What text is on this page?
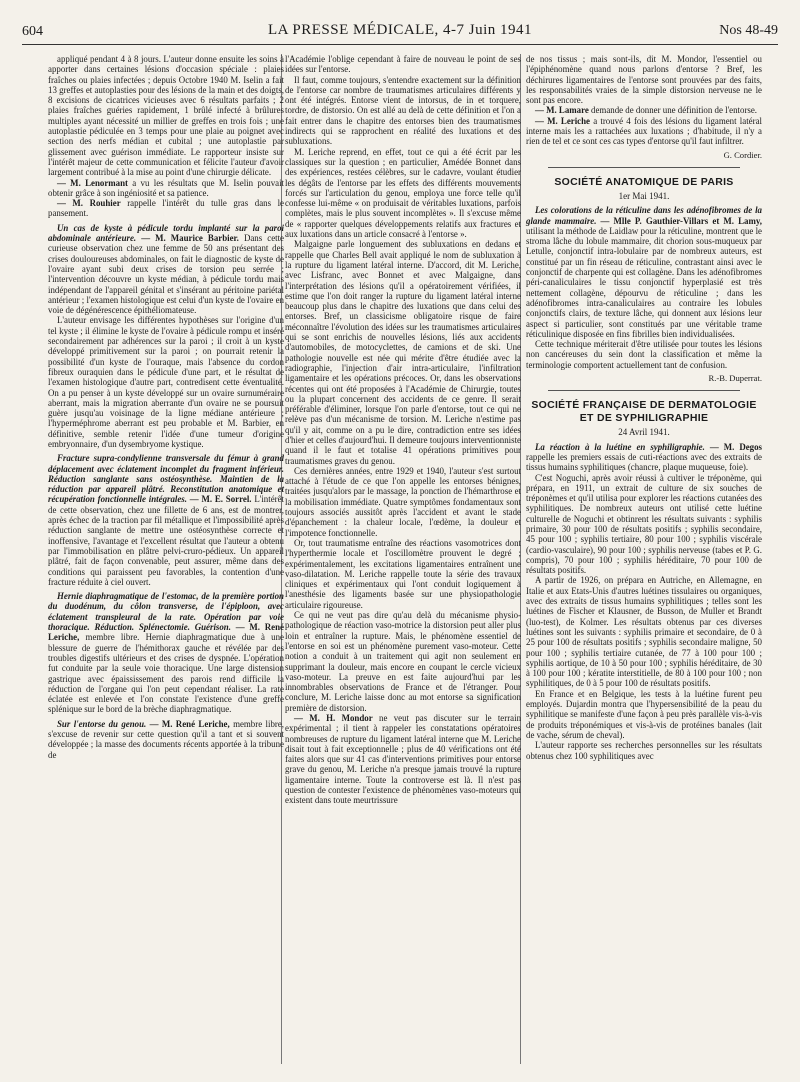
604	LA PRESSE MÉDICALE, 4-7 Juin 1941	Nos 48-49

appliqué pendant 4 à 8 jours. L'auteur donne ensuite les soins à apporter dans certaines lésions d'occasion spéciale : plaies fraîches ou plaies infectées ; depuis Octobre 1940 M. Iselin a fait 13 greffes et autoplasties pour des lésions de la main et des doigts, 8 excisions de cicatrices vicieuses avec 6 résultats parfaits ; 2 plaies fraîches guéries rapidement, 1 brûlé infecté à brûlures multiples ayant nécessité un millier de greffes en trois fois ; une autoplastie pédiculée en 3 temps pour une plaie au poignet avec section des nerfs médian et cubital ; une autoplastie par glissement avec guérison immédiate. Le rapporteur insiste sur l'intérêt majeur de cette communication et félicite l'auteur d'avoir largement contribué à la mise au point d'une chirurgie délicate.

— M. Lenormant a vu les résultats que M. Iselin pouvait obtenir grâce à son ingéniosité et sa patience.

— M. Rouhier rappelle l'intérêt du tulle gras dans le pansement.

Un cas de kyste à pédicule tordu implanté sur la paroi abdominale antérieure. — M. Maurice Barbier. Dans cette curieuse observation chez une femme de 50 ans présentant des crises douloureuses abdominales, on fait le diagnostic de kyste de l'ovaire ayant subi deux crises de torsion peu serrée ; l'intervention découvre un kyste médian, à pédicule tordu mais indépendant de l'appareil génital et s'insérant au péritoine pariétal antérieur ; l'examen histologique est celui d'un kyste de l'ovaire en voie de dégénérescence épithéliomateuse.

L'auteur envisage les différentes hypothèses sur l'origine d'un tel kyste ; il élimine le kyste de l'ovaire à pédicule rompu et inséré secondairement par adhérences sur la paroi ; il croit à un kyste développé primitivement sur la paroi ; on pourrait retenir la possibilité d'un kyste de l'ouraque, mais l'absence du cordon fibreux ouraquien dans le pédicule d'une part, et le résultat de l'examen histologique d'autre part, contredisent cette éventualité. On a pu penser à un kyste développé sur un ovaire surnuméraire aberrant, mais la migration aberrante d'un ovaire ne se poursuit guère jusqu'au voisinage de la ligne médiane antérieure ; l'hyperméphrome aberrant est peu probable et M. Barbier, en définitive, semble retenir l'idée d'une tumeur d'origine embryonnaire, d'un dysembryome kystique.

Fracture supra-condylienne transversale du fémur à grand déplacement avec éclatement incomplet du fragment inférieur. Réduction sanglante sans ostéosynthèse. Maintien de la réduction par appareil plâtré. Reconstitution anatomique et récupération fonctionnelle intégrales. — M. E. Sorrel. L'intérêt de cette observation, chez une fillette de 6 ans, est de montrer, après échec de la traction par fil métallique et l'impossibilité après réduction sanglante de mettre une ostéosynthèse correcte et inoffensive, l'avantage et l'excellent résultat que l'auteur a obtenu par l'immobilisation en plâtre pelvi-cruro-pédieux. Un appareil plâtré, fait de façon convenable, peut assurer, même dans des conditions qui paraissent peu favorables, la contention d'une fracture réduite à ciel ouvert.

Hernie diaphragmatique de l'estomac, de la première portion du duodénum, du côlon transverse, de l'épiploon, avec éclatement transpleural de la rate. Opération par voie thoracique. Réduction. Splénectomie. Guérison. — M. René Leriche, membre libre. Hernie diaphragmatique due à une blessure de guerre de l'hémithorax gauche et révélée par des troubles digestifs ultérieurs et des crises de dyspnée. L'opération fut conduite par la seule voie thoracique. Une large distension gastrique avec épaississement des parois rend difficile la réduction de l'organe qui l'on peut cependant réaliser. La rate éclatée est enlevée et l'on constate l'existence d'une greffe splénique sur le bord de la brèche diaphragmatique.

Sur l'entorse du genou. — M. René Leriche, membre libre, s'excuse de revenir sur cette question qu'il a tant et si souvent développée ; la masse des documents récents apportée à la tribune de

l'Académie l'oblige cependant à faire de nouveau le point de ses idées sur l'entorse.

Il faut, comme toujours, s'entendre exactement sur la définition de l'entorse car nombre de traumatismes articulaires différents y ont été intégrés. Entorse vient de intorsus, de in et torquere, tordre, de distorsio. On est allé au delà de cette définition et l'on a fait entrer dans le chapitre des entorses bien des traumatismes indirects qui se rapprochent en réalité des luxations et des subluxations.

M. Leriche reprend, en effet, tout ce qui a été écrit par les classiques sur la question ; en particulier, Amédée Bonnet dans des expériences, restées célèbres, sur le cadavre, voulant étudier les dégâts de l'entorse par les effets des différents mouvements forcés sur l'articulation du genou, employa une force telle qu'il confesse lui-même « on produisait de véritables luxations, parfois complètes, mais le plus souvent incomplètes ». Il s'excuse même de « rapporter quelques développements relatifs aux fractures et aux luxations dans un article consacré à l'entorse ».

Malgaigne parle longuement des subluxations en dedans et rappelle que Charles Bell avait appliqué le nom de subluxation à la rupture du ligament latéral interne. D'accord, dit M. Leriche, avec Lisfranc, avec Bonnet et avec Malgaigne, dans l'interprétation des lésions qu'il a opératoirement vérifiées, il estime que l'on doit ranger la rupture du ligament latéral interne beaucoup plus dans le chapitre des luxations que dans celui des entorses. Bref, un classicisme obligatoire risque de faire méconnaître l'évolution des idées sur les traumatismes articulaires qui se sont enrichis de nouvelles lésions, liés aux accidents d'automobiles, de motocyclettes, de camions et de ski. Une pathologie nouvelle est née qui mérite d'être étudiée avec la radiographie, l'injection d'air intra-articulaire, l'infiltration ligamentaire et les opérations précoces. Or, dans les observations récentes qui ont été proposées à l'Académie de Chirurgie, toutes ou la plupart concernent des accidents de ce genre. Il serait préférable d'éliminer, lorsque l'on parle d'entorse, tout ce qui ne relève pas d'un mécanisme de torsion. M. Leriche n'estime pas qu'il y ait, comme on a pu le dire, contradiction entre ses idées d'hier et celles d'aujourd'hui. Il demeure toujours interventionniste quand il le faut et totalise 41 opérations primitives pour traumatismes graves du genou.

Ces dernières années, entre 1929 et 1940, l'auteur s'est surtout attaché à l'étude de ce que l'on appelle les entorses bénignes, traitées jusqu'alors par le massage, la ponction de l'hémarthrose et la mobilisation immédiate. Quatre symptômes fondamentaux sont toujours associés aussitôt après l'accident et avant le stade d'épanchement : la chaleur locale, l'œdème, la douleur et l'impotence fonctionnelle.

Or, tout traumatisme entraîne des réactions vasomotrices dont l'hyperthermie locale et l'oscillomètre prouvent le degré ; expérimentalement, les excitations ligamentaires entraînent une vaso-dilatation. M. Leriche rappelle toute la série des travaux cliniques et expérimentaux qui l'ont conduit logiquement à l'anesthésie des ligaments basée sur une physiopathologie articulaire rigoureuse.

Ce qui ne veut pas dire qu'au delà du mécanisme physio-pathologique de réaction vaso-motrice la distorsion peut aller plus loin et entraîner la rupture. Mais, le phénomène essentiel de l'entorse en soi est un phénomène purement vaso-moteur. Cette notion a conduit à un traitement qui agit non seulement en supprimant la douleur, mais encore en coupant le cercle vicieux vaso-moteur. La preuve en est faite aujourd'hui par les innombrables observations de France et de l'étranger. Pour conclure, M. Leriche laisse donc au mot entorse sa signification première de distorsion.

— M. H. Mondor ne veut pas discuter sur le terrain expérimental ; il tient à rappeler les constatations opératoires nombreuses de rupture du ligament latéral interne que M. Leriche disait tout à fait exceptionnelle ; plus de 40 vérifications ont été faites alors que sur 41 cas d'interventions primitives pour entorse grave du genou, M. Leriche n'a presque jamais trouvé la rupture ligamentaire interne. Toute la controverse est là. Il n'est pas question de contester l'existence de phénomènes vaso-moteurs qui existent dans toute meurtrissure

de nos tissus ; mais sont-ils, dit M. Mondor, l'essentiel ou l'épiphénomène quand nous parlons d'entorse ? Bref, les déchirures ligamentaires de l'entorse sont prouvées par des faits, les responsabilités vraies de la simple distorsion nerveuse ne le sont pas encore.

— M. Lamare demande de donner une définition de l'entorse.

— M. Leriche a trouvé 4 fois des lésions du ligament latéral interne mais les a rattachées aux luxations ; d'habitude, il n'y a rien de tel et ce sont ces cas types d'entorse qu'il faut infiltrer.

G. Cordier.
SOCIÉTÉ ANATOMIQUE DE PARIS
1er Mai 1941.

Les colorations de la réticuline dans les adénofibromes de la glande mammaire. — Mlle P. Gauthier-Villars et M. Lamy, utilisant la méthode de Laidlaw pour la réticuline, montrent que le stroma lâche du lobule mammaire, dit chorion sous-muqueux par Letulle, conjonctif intra-lobulaire par de nombreux auteurs, est constitué par un fin réseau de réticuline, contrastant ainsi avec le conjonctif de charpente qui est collagène. Dans les adénofibromes péri-canaliculaires le tissu conjonctif hyperplasié est très nettement collagène, dépourvu de réticuline ; dans les adénofibromes intra-canaliculaires au contraire les lobules conjonctifs clairs, de texture lâche, qui donnent aux lésions leur aspect si particulier, sont constitués par une véritable trame réticulinique disposée en fins fibrilles bien individualisées.

Cette technique mériterait d'être utilisée pour toutes les lésions non cancéreuses du sein dont la classification et même la terminologie comportent actuellement tant de confusion.

R.-B. Duperrat.
SOCIÉTÉ FRANÇAISE DE DERMATOLOGIE ET DE SYPHILIGRAPHIE
24 Avril 1941.

La réaction à la luétine en syphiligraphie. — M. Degos rappelle les premiers essais de cuti-réactions avec des extraits de tissus humains syphilitiques (chancre, plaque muqueuse, foie).

C'est Noguchi, après avoir réussi à cultiver le tréponème, qui prépara, en 1911, un extrait de culture de six souches de tréponèmes et qu'il utilisa pour explorer les réactions cutanées des syphilitiques. De nombreux auteurs ont utilisé cette luétine culturelle de Noguchi et obtinrent les résultats suivants : syphilis primaire, 30 pour 100 de résultats positifs ; syphilis secondaire, 45 pour 100 ; syphilis tertiaire, 80 pour 100 ; syphilis viscérale (cardio-vasculaire), 90 pour 100 ; syphilis nerveuse (tabes et P. G. compris), 70 pour 100 ; syphilis héréditaire, 70 pour 100 de résultats positifs.

A partir de 1926, on prépara en Autriche, en Allemagne, en Italie et aux Etats-Unis d'autres luétines tissulaires ou organiques, avec des extraits de tissus humains syphilitiques ; telles sont les luétines de Fischer et Klausner, de Busson, de Muller et Brandt (luo-test), de Kolmer. Les résultats obtenus par ces diverses luétines sont les suivants : syphilis primaire et secondaire, de 0 à 25 pour 100 de résultats positifs ; syphilis secondaire maligne, 50 pour 100 ; syphilis tertiaire cutanée, de 77 à 100 pour 100 ; syphilis aortique, de 10 à 50 pour 100 ; syphilis héréditaire, de 30 à 100 pour 100 ; kératite interstitielle, de 80 à 100 pour 100 ; non syphilitiques, de 0 à 5 pour 100 de résultats positifs.

En France et en Belgique, les tests à la luétine furent peu employés. Dujardin montra que l'hypersensibilité de la peau du syphilitique se manifeste d'une façon à peu près parallèle vis-à-vis de produits tréponémiques et vis-à-vis de protéines banales (lait de vache, sérum de cheval).

L'auteur rapporte ses recherches personnelles sur les résultats obtenus chez 100 syphilitiques avec
